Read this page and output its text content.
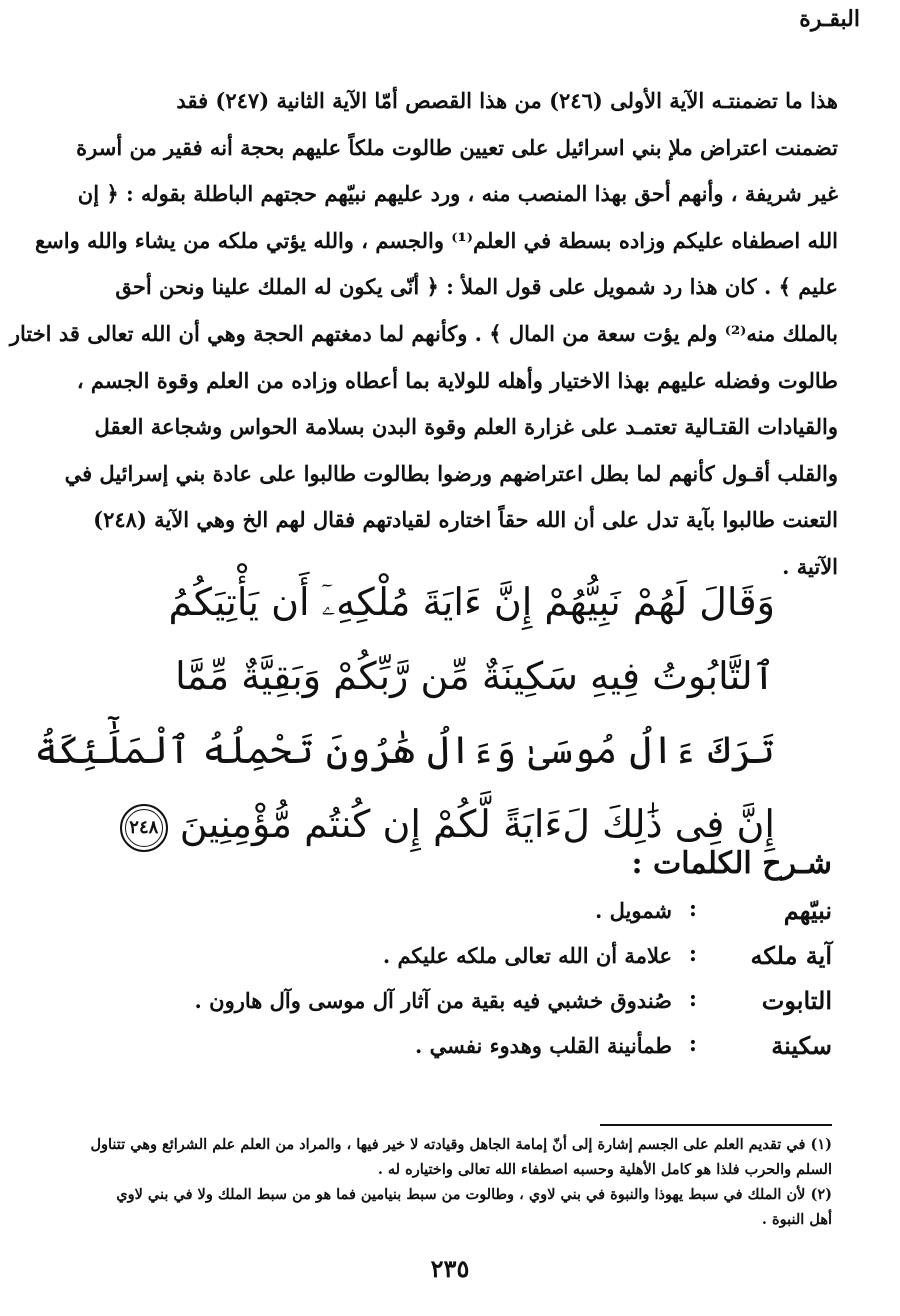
البقـرة
هذا ما تضمنتـه الآية الأولى (٢٤٦) من هذا القصص أمّا الآية الثانية (٢٤٧) فقد
تضمنت اعتراض ملإ بني اسرائيل على تعيين طالوت ملكاً عليهم بحجة أنه فقير من أسرة
غير شريفة ، وأنهم أحق بهذا المنصب منه ، ورد عليهم نبيّهم حجتهم الباطلة بقوله : ﴿ إن
الله اصطفاه عليكم وزاده بسطة في العلم⁽¹⁾ والجسم ، والله يؤتي ملكه من يشاء والله واسع
عليم ﴾ . كان هذا رد شمويل على قول الملأ : ﴿ أنّى يكون له الملك علينا ونحن أحق
بالملك منه⁽²⁾ ولم يؤت سعة من المال ﴾ . وكأنهم لما دمغتهم الحجة وهي أن الله تعالى قد اختار
طالوت وفضله عليهم بهذا الاختيار وأهله للولاية بما أعطاه وزاده من العلم وقوة الجسم ،
والقيادات القتـالية تعتمـد على غزارة العلم وقوة البدن بسلامة الحواس وشجاعة العقل
والقلب أقـول كأنهم لما بطل اعتراضهم ورضوا بطالوت طالبوا على عادة بني إسرائيل في
التعنت طالبوا بآية تدل على أن الله حقاً اختاره لقيادتهم فقال لهم الخ وهي الآية (٢٤٨)
الآتية .
وَقَالَ لَهُمْ نَبِيُّهُمْ إِنَّ ءَايَةَ مُلْكِهِۦٓ أَن يَأْتِيَكُمُ
ٱلتَّابُوتُ فِيهِ سَكِينَةٌ مِّن رَّبِّكُمْ وَبَقِيَّةٌ مِّمَّا
تَرَكَ ءَالُ مُوسَىٰ وَءَالُ هَٰرُونَ تَحْمِلُهُ ٱلْمَلَٰٓئِكَةُ
إِنَّ فِى ذَٰلِكَ لَءَايَةً لَّكُمْ إِن كُنتُم مُّؤْمِنِينَ٢٤٨
شـرح الكلمات :
نبيّهم
:
شمويل .
آية ملكه
:
علامة أن الله تعالى ملكه عليكم .
التابوت
:
صُندوق خشبي فيه بقية من آثار آل موسى وآل هارون .
سكينة
:
طمأنينة القلب وهدوء نفسي .
(١) في تقديم العلم على الجسم إشارة إلى أنّ إمامة الجاهل وقيادته لا خير فيها ، والمراد من العلم علم الشرائع وهي تتناول
السلم والحرب فلذا هو كامل الأهلية وحسبه اصطفاء الله تعالى واختياره له .
(٢) لأن الملك في سبط يهوذا والنبوة في بني لاوي ، وطالوت من سبط بنيامين فما هو من سبط الملك ولا في بني لاوي
أهل النبوة .
٢٣٥
